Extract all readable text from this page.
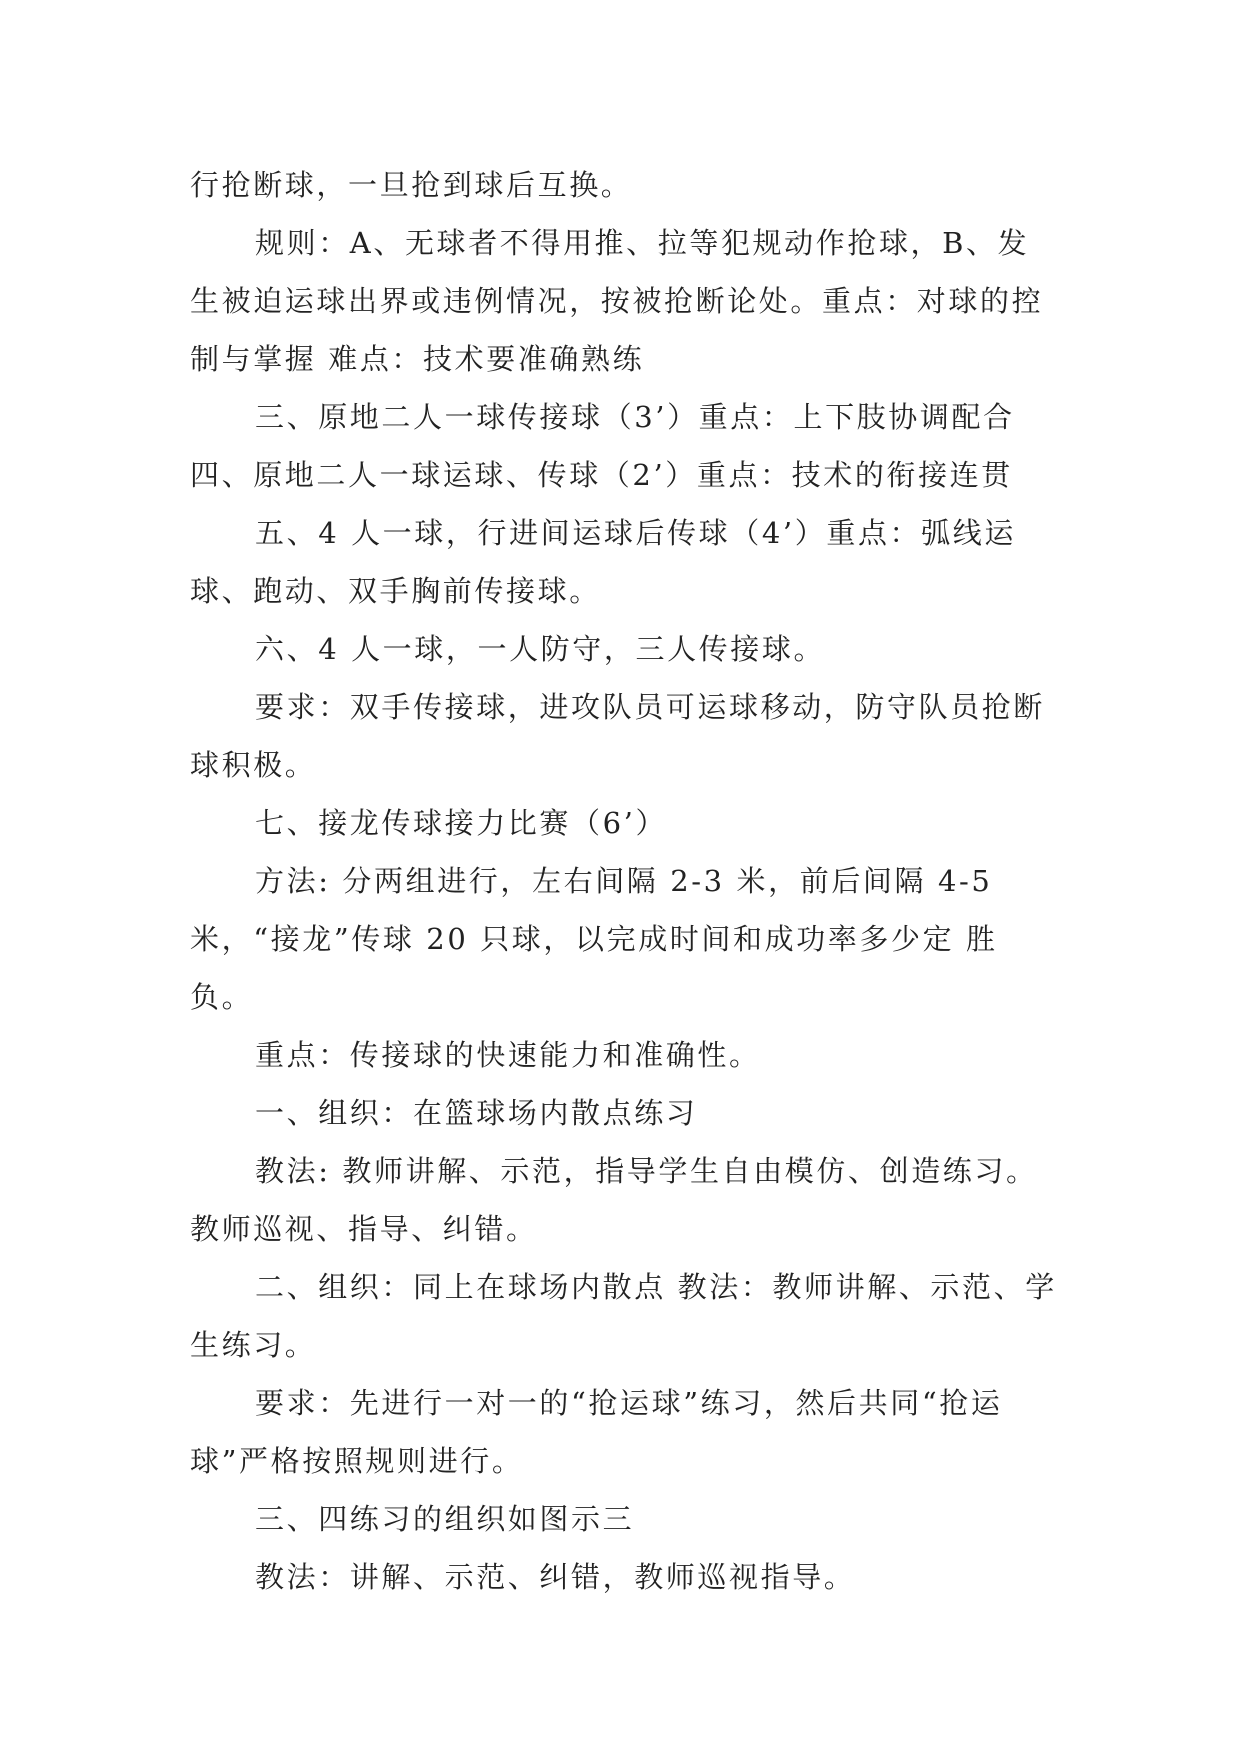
行抢断球，一旦抢到球后互换。

规则：A、无球者不得用推、拉等犯规动作抢球，B、发生被迫运球出界或违例情况，按被抢断论处。重点：对球的控制与掌握 难点：技术要准确熟练

三、原地二人一球传接球（3’）重点：上下肢协调配合

四、原地二人一球运球、传球（2’）重点：技术的衔接连贯

五、4 人一球，行进间运球后传球（4’）重点：弧线运球、跑动、双手胸前传接球。

六、4 人一球，一人防守，三人传接球。

要求：双手传接球，进攻队员可运球移动，防守队员抢断球积极。

七、接龙传球接力比赛（6’）

方法: 分两组进行，左右间隔 2-3 米，前后间隔 4-5 米，“接龙”传球 20 只球，以完成时间和成功率多少定 胜负。

重点：传接球的快速能力和准确性。

一、组织：在篮球场内散点练习

教法: 教师讲解、示范，指导学生自由模仿、创造练习。教师巡视、指导、纠错。

二、组织：同上在球场内散点 教法：教师讲解、示范、学生练习。

要求：先进行一对一的“抢运球”练习，然后共同“抢运球”严格按照规则进行。

三、四练习的组织如图示三

教法：讲解、示范、纠错，教师巡视指导。
